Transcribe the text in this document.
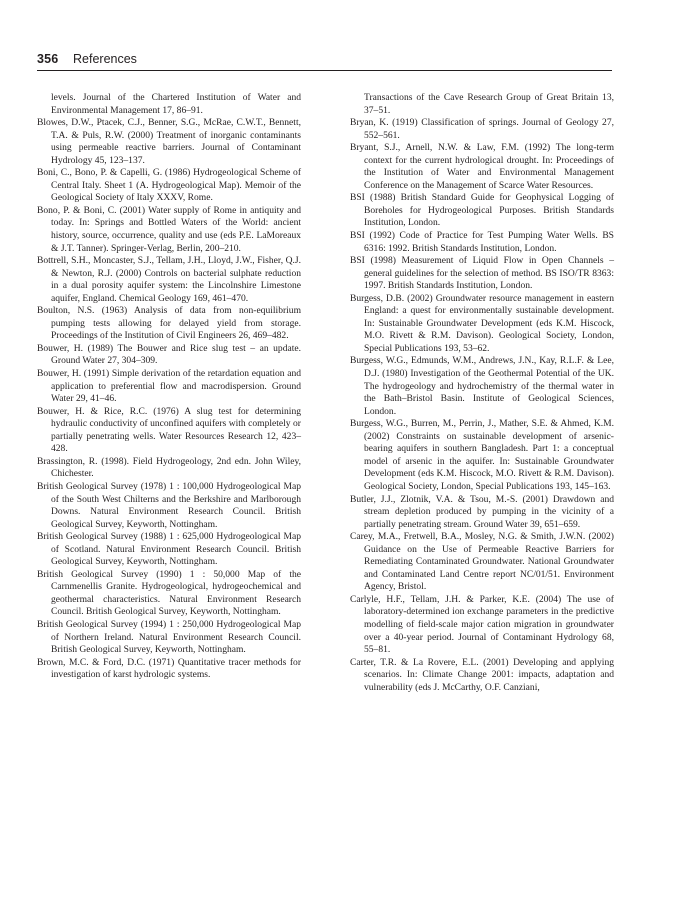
356 References

levels. Journal of the Chartered Institution of Water and Environmental Management 17, 86–91.

Blowes, D.W., Ptacek, C.J., Benner, S.G., McRae, C.W.T., Bennett, T.A. & Puls, R.W. (2000) Treatment of inorganic contaminants using permeable reactive barriers. Journal of Contaminant Hydrology 45, 123–137.

Boni, C., Bono, P. & Capelli, G. (1986) Hydrogeological Scheme of Central Italy. Sheet 1 (A. Hydrogeological Map). Memoir of the Geological Society of Italy XXXV, Rome.

Bono, P. & Boni, C. (2001) Water supply of Rome in antiquity and today. In: Springs and Bottled Waters of the World: ancient history, source, occurrence, quality and use (eds P.E. LaMoreaux & J.T. Tanner). Springer-Verlag, Berlin, 200–210.

Bottrell, S.H., Moncaster, S.J., Tellam, J.H., Lloyd, J.W., Fisher, Q.J. & Newton, R.J. (2000) Controls on bacterial sulphate reduction in a dual porosity aquifer system: the Lincolnshire Limestone aquifer, England. Chemical Geology 169, 461–470.

Boulton, N.S. (1963) Analysis of data from non-equilibrium pumping tests allowing for delayed yield from storage. Proceedings of the Institution of Civil Engineers 26, 469–482.

Bouwer, H. (1989) The Bouwer and Rice slug test – an update. Ground Water 27, 304–309.

Bouwer, H. (1991) Simple derivation of the retardation equation and application to preferential flow and macrodispersion. Ground Water 29, 41–46.

Bouwer, H. & Rice, R.C. (1976) A slug test for determining hydraulic conductivity of unconfined aquifers with completely or partially penetrating wells. Water Resources Research 12, 423–428.

Brassington, R. (1998). Field Hydrogeology, 2nd edn. John Wiley, Chichester.

British Geological Survey (1978) 1 : 100,000 Hydrogeological Map of the South West Chilterns and the Berkshire and Marlborough Downs. Natural Environment Research Council. British Geological Survey, Keyworth, Nottingham.

British Geological Survey (1988) 1 : 625,000 Hydrogeological Map of Scotland. Natural Environment Research Council. British Geological Survey, Keyworth, Nottingham.

British Geological Survey (1990) 1 : 50,000 Map of the Carnmenellis Granite. Hydrogeological, hydrogeochemical and geothermal characteristics. Natural Environment Research Council. British Geological Survey, Keyworth, Nottingham.

British Geological Survey (1994) 1 : 250,000 Hydrogeological Map of Northern Ireland. Natural Environment Research Council. British Geological Survey, Keyworth, Nottingham.

Brown, M.C. & Ford, D.C. (1971) Quantitative tracer methods for investigation of karst hydrologic systems.

Transactions of the Cave Research Group of Great Britain 13, 37–51.

Bryan, K. (1919) Classification of springs. Journal of Geology 27, 552–561.

Bryant, S.J., Arnell, N.W. & Law, F.M. (1992) The long-term context for the current hydrological drought. In: Proceedings of the Institution of Water and Environmental Management Conference on the Management of Scarce Water Resources.

BSI (1988) British Standard Guide for Geophysical Logging of Boreholes for Hydrogeological Purposes. British Standards Institution, London.

BSI (1992) Code of Practice for Test Pumping Water Wells. BS 6316: 1992. British Standards Institution, London.

BSI (1998) Measurement of Liquid Flow in Open Channels – general guidelines for the selection of method. BS ISO/TR 8363: 1997. British Standards Institution, London.

Burgess, D.B. (2002) Groundwater resource management in eastern England: a quest for environmentally sustainable development. In: Sustainable Groundwater Development (eds K.M. Hiscock, M.O. Rivett & R.M. Davison). Geological Society, London, Special Publications 193, 53–62.

Burgess, W.G., Edmunds, W.M., Andrews, J.N., Kay, R.L.F. & Lee, D.J. (1980) Investigation of the Geothermal Potential of the UK. The hydrogeology and hydrochemistry of the thermal water in the Bath–Bristol Basin. Institute of Geological Sciences, London.

Burgess, W.G., Burren, M., Perrin, J., Mather, S.E. & Ahmed, K.M. (2002) Constraints on sustainable development of arsenic-bearing aquifers in southern Bangladesh. Part 1: a conceptual model of arsenic in the aquifer. In: Sustainable Groundwater Development (eds K.M. Hiscock, M.O. Rivett & R.M. Davison). Geological Society, London, Special Publications 193, 145–163.

Butler, J.J., Zlotnik, V.A. & Tsou, M.-S. (2001) Drawdown and stream depletion produced by pumping in the vicinity of a partially penetrating stream. Ground Water 39, 651–659.

Carey, M.A., Fretwell, B.A., Mosley, N.G. & Smith, J.W.N. (2002) Guidance on the Use of Permeable Reactive Barriers for Remediating Contaminated Groundwater. National Groundwater and Contaminated Land Centre report NC/01/51. Environment Agency, Bristol.

Carlyle, H.F., Tellam, J.H. & Parker, K.E. (2004) The use of laboratory-determined ion exchange parameters in the predictive modelling of field-scale major cation migration in groundwater over a 40-year period. Journal of Contaminant Hydrology 68, 55–81.

Carter, T.R. & La Rovere, E.L. (2001) Developing and applying scenarios. In: Climate Change 2001: impacts, adaptation and vulnerability (eds J. McCarthy, O.F. Canziani,
